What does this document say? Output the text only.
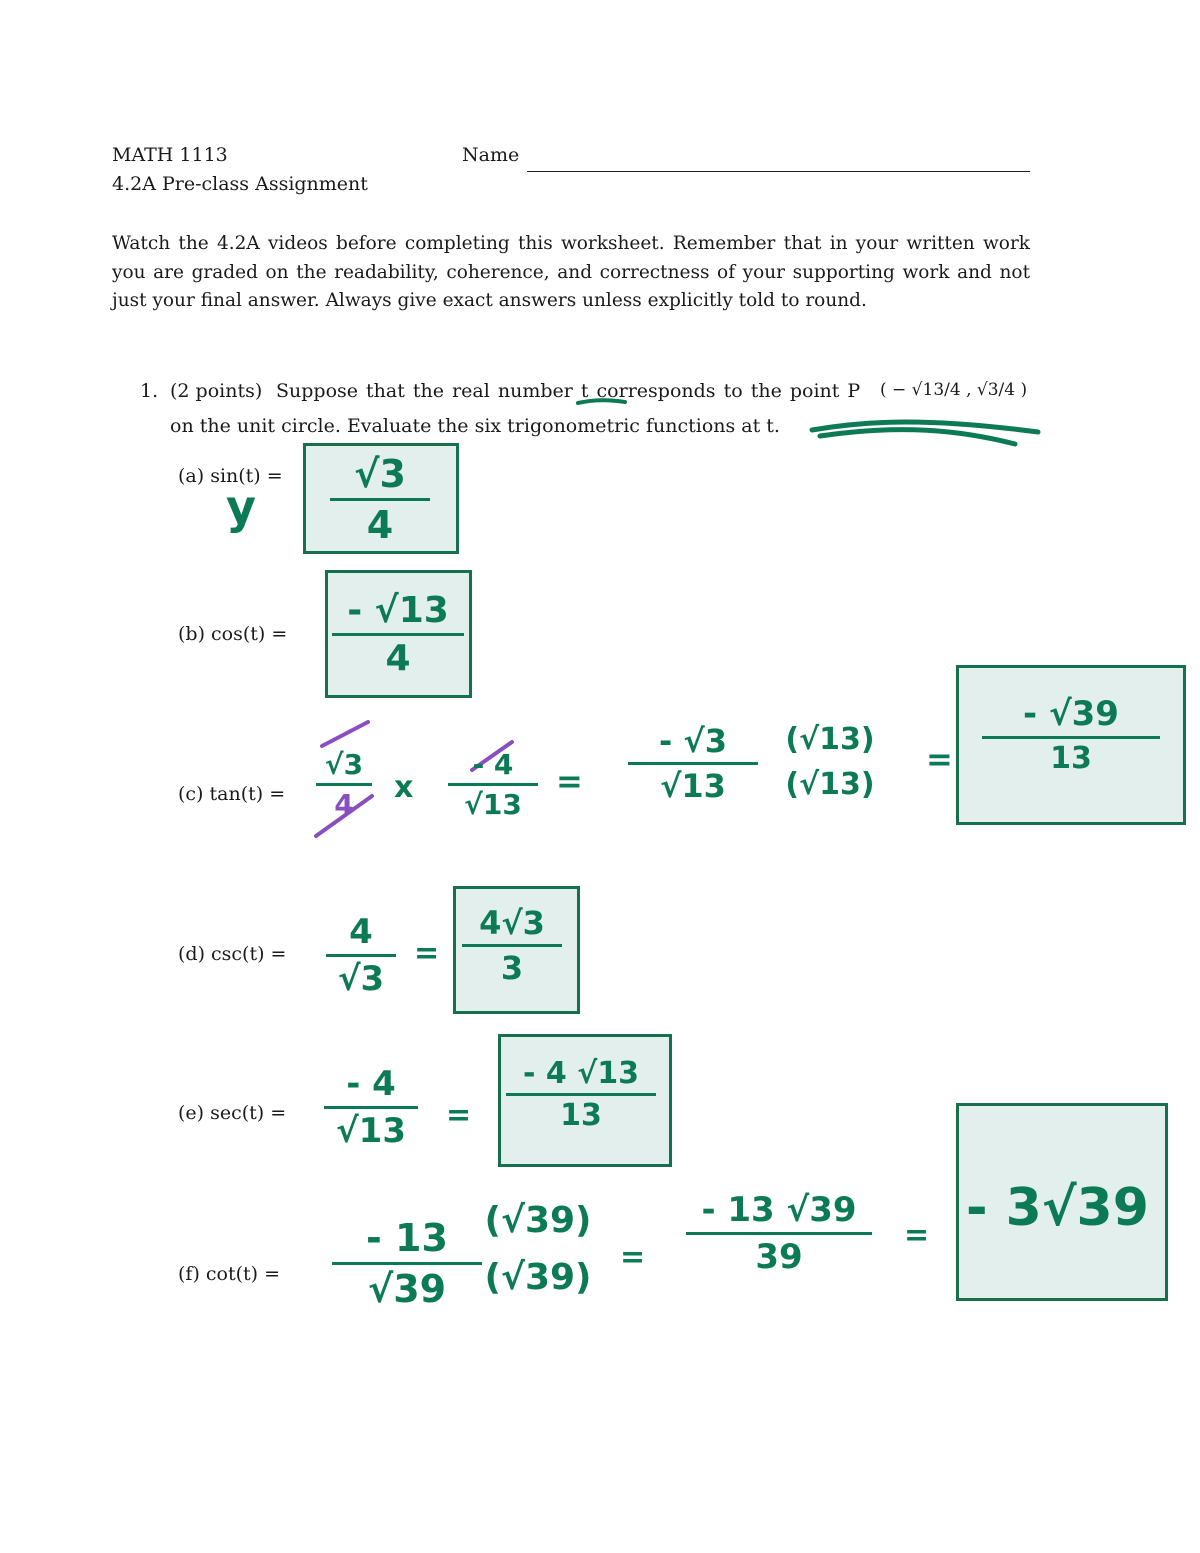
MATH 1113
4.2A Pre-class Assignment
Name
Watch the 4.2A videos before completing this worksheet. Remember that in your written work you are graded on the readability, coherence, and correctness of your supporting work and not just your final answer. Always give exact answers unless explicitly told to round.
1. (2 points) Suppose that the real number t corresponds to the point P ( − √13/4 , √3/4 )
on the unit circle. Evaluate the six trigonometric functions at t.
(a) sin(t) =
(b) cos(t) =
(c) tan(t) =
(d) csc(t) =
(e) sec(t) =
(f) cot(t) =
y
√3
4
- √13
4
√3
4	x
- 4
√13
=
- √3
√13
(√13)
(√13)
=
- √39
13
4
√3
=
4√3
3
- 4
√13	=
- 4 √13
13
- 13
√39
(√39)
(√39) =
- 13 √39
39
= - 3√39
